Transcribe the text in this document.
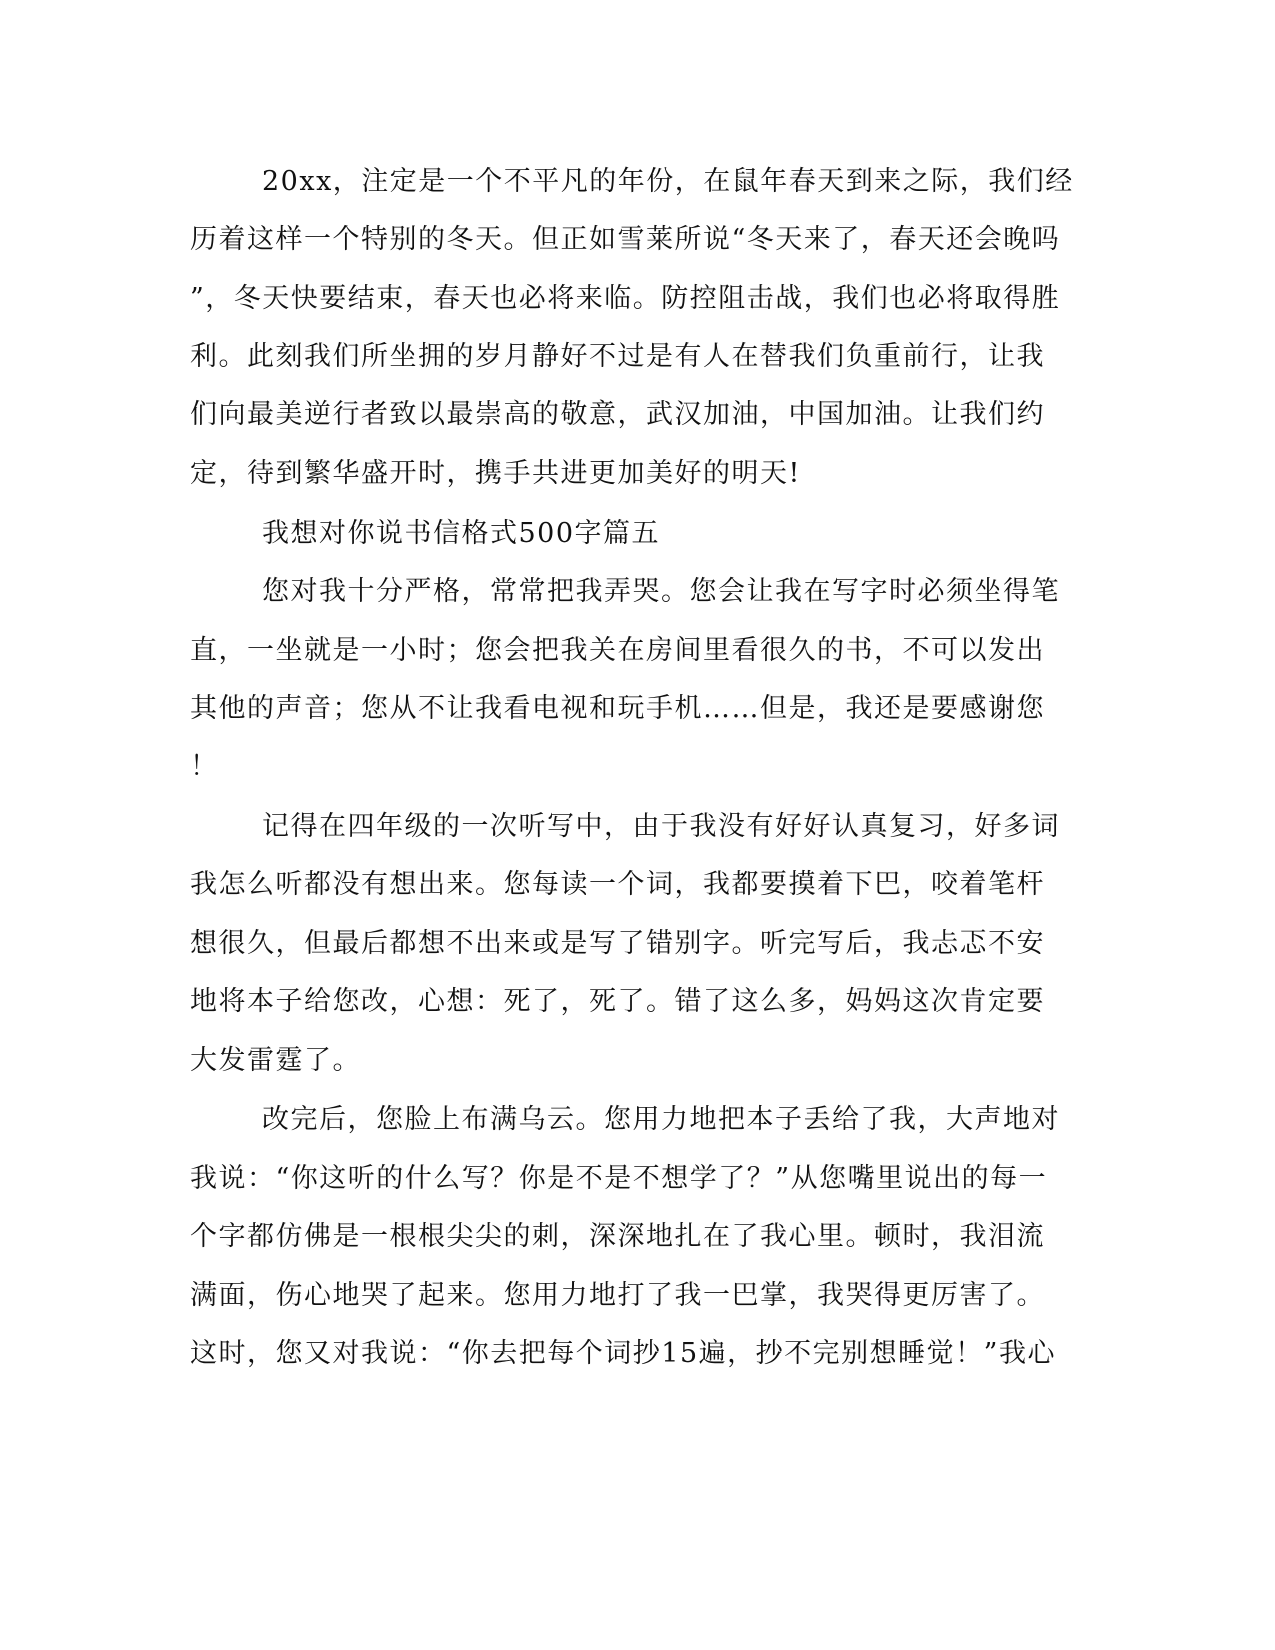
20xx，注定是一个不平凡的年份，在鼠年春天到来之际，我们经

历着这样一个特别的冬天。但正如雪莱所说“冬天来了，春天还会晚吗

”，冬天快要结束，春天也必将来临。防控阻击战，我们也必将取得胜

利。此刻我们所坐拥的岁月静好不过是有人在替我们负重前行，让我

们向最美逆行者致以最崇高的敬意，武汉加油，中国加油。让我们约

定，待到繁华盛开时，携手共进更加美好的明天!

我想对你说书信格式500字篇五

您对我十分严格，常常把我弄哭。您会让我在写字时必须坐得笔

直，一坐就是一小时；您会把我关在房间里看很久的书，不可以发出

其他的声音；您从不让我看电视和玩手机……但是，我还是要感谢您

！

记得在四年级的一次听写中，由于我没有好好认真复习，好多词

我怎么听都没有想出来。您每读一个词，我都要摸着下巴，咬着笔杆

想很久，但最后都想不出来或是写了错别字。听完写后，我忐忑不安

地将本子给您改，心想：死了，死了。错了这么多，妈妈这次肯定要

大发雷霆了。

改完后，您脸上布满乌云。您用力地把本子丢给了我，大声地对

我说：“你这听的什么写？你是不是不想学了？”从您嘴里说出的每一

个字都仿佛是一根根尖尖的刺，深深地扎在了我心里。顿时，我泪流

满面，伤心地哭了起来。您用力地打了我一巴掌，我哭得更厉害了。

这时，您又对我说：“你去把每个词抄15遍，抄不完别想睡觉！”我心
